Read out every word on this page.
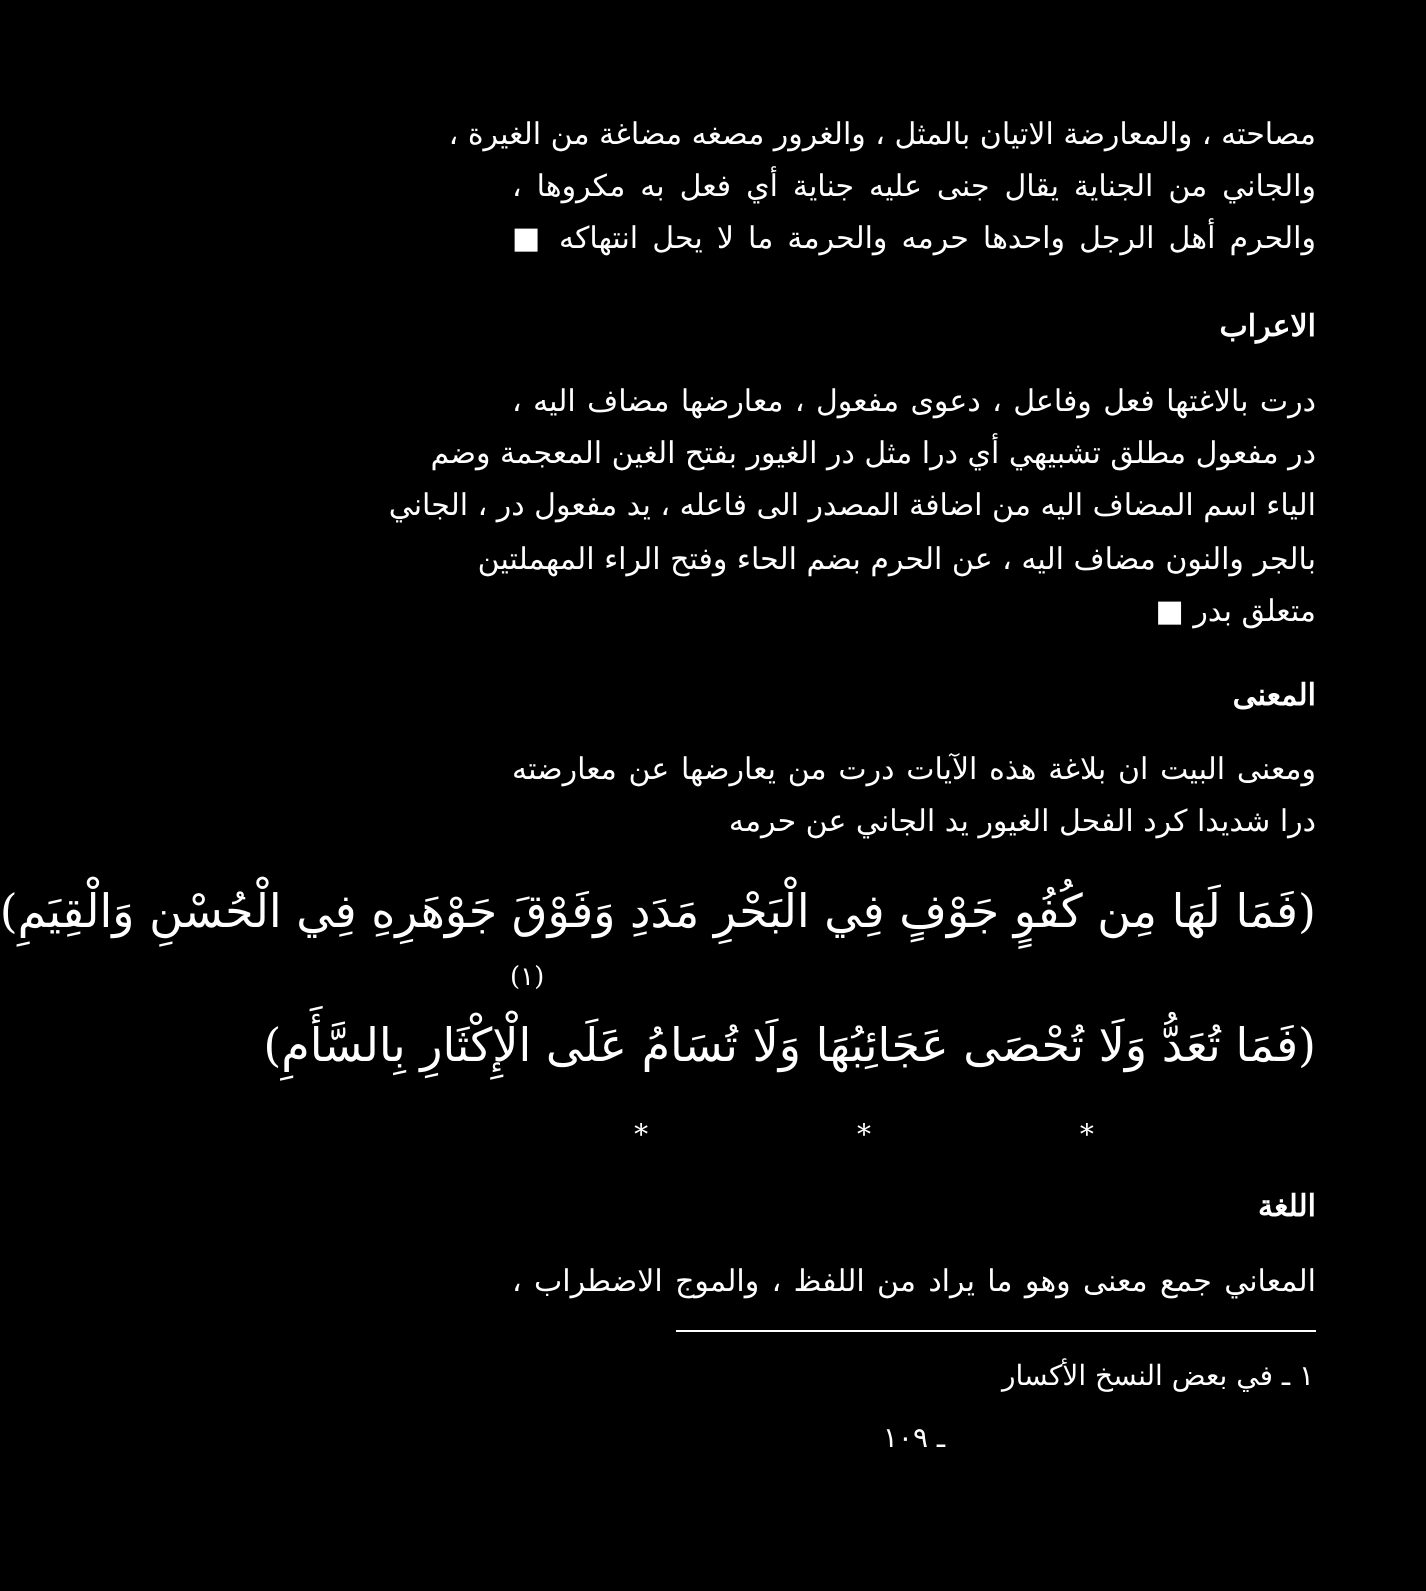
مصاحته ، والمعارضة الاتيان بالمثل ، والغرور مصغه مضاغة من الغيرة ،
والجاني من الجناية يقال جنى عليه جناية أي فعل به مكروها ،
والحرم أهل الرجل واحدها حرمه والحرمة ما لا يحل انتهاكه ■
الاعراب
درت بالاغتها فعل وفاعل ، دعوى مفعول ، معارضها مضاف اليه ،
در مفعول مطلق تشبيهي أي درا مثل در الغيور بفتح الغين المعجمة وضم
الياء اسم المضاف اليه من اضافة المصدر الى فاعله ، يد مفعول در ، الجاني
بالجر والنون مضاف اليه ، عن الحرم بضم الحاء وفتح الراء المهملتين
متعلق بدر ■
المعنى
ومعنى البيت ان بلاغة هذه الآيات درت من يعارضها عن معارضته
درا شديدا كرد الفحل الغيور يد الجاني عن حرمه
(فَمَا لَهَا مِن كُفُوٍ جَوْفٍ فِي الْبَحْرِ مَدَدِ وَفَوْقَ جَوْهَرِهِ فِي الْحُسْنِ وَالْقِيَمِ)
(١)
(فَمَا تُعَدُّ وَلَا تُحْصَى عَجَائِبُهَا وَلَا تُسَامُ عَلَى الْإِكْثَارِ بِالسَّأَمِ)
* * *
اللغة
المعاني جمع معنى وهو ما يراد من اللفظ ، والموج الاضطراب ،
١ ـ في بعض النسخ الأكسار
ـ ١٠٩
